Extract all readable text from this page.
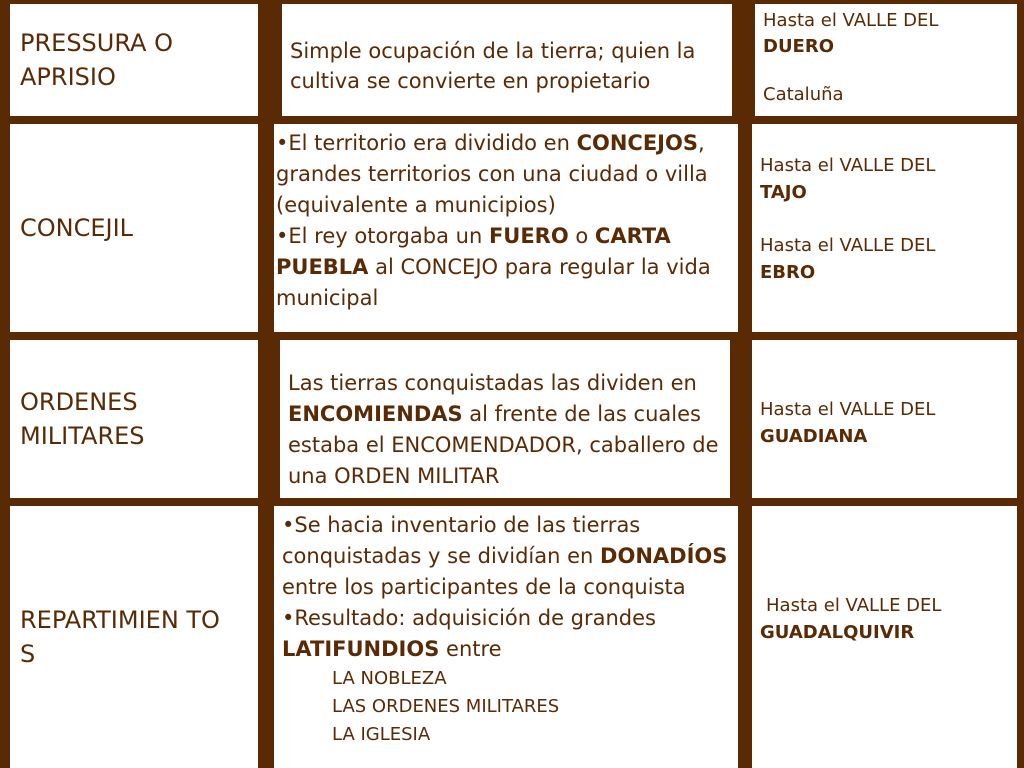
PRESSURA O APRISIO
Simple ocupación de la tierra; quien la cultiva se convierte en propietario
Hasta el VALLE DEL
DUERO
Cataluña
CONCEJIL
•El territorio era dividido en CONCEJOS, grandes territorios con una ciudad o villa (equivalente a municipios)
•El rey otorgaba un FUERO o CARTA PUEBLA al CONCEJO para regular la vida municipal
Hasta el VALLE DEL
TAJO
Hasta el VALLE DEL
EBRO
ORDENES MILITARES
Las tierras conquistadas las dividen en ENCOMIENDAS al frente de las cuales estaba el ENCOMENDADOR, caballero de una ORDEN MILITAR
Hasta el VALLE DEL
GUADIANA
REPARTIMIEN TOS
•Se hacia inventario de las tierras conquistadas y se dividían en DONADÍOS entre los participantes de la conquista
•Resultado: adquisición de grandes LATIFUNDIOS entre
LA NOBLEZA
LAS ORDENES MILITARES
LA IGLESIA
Hasta el VALLE DEL
GUADALQUIVIR
